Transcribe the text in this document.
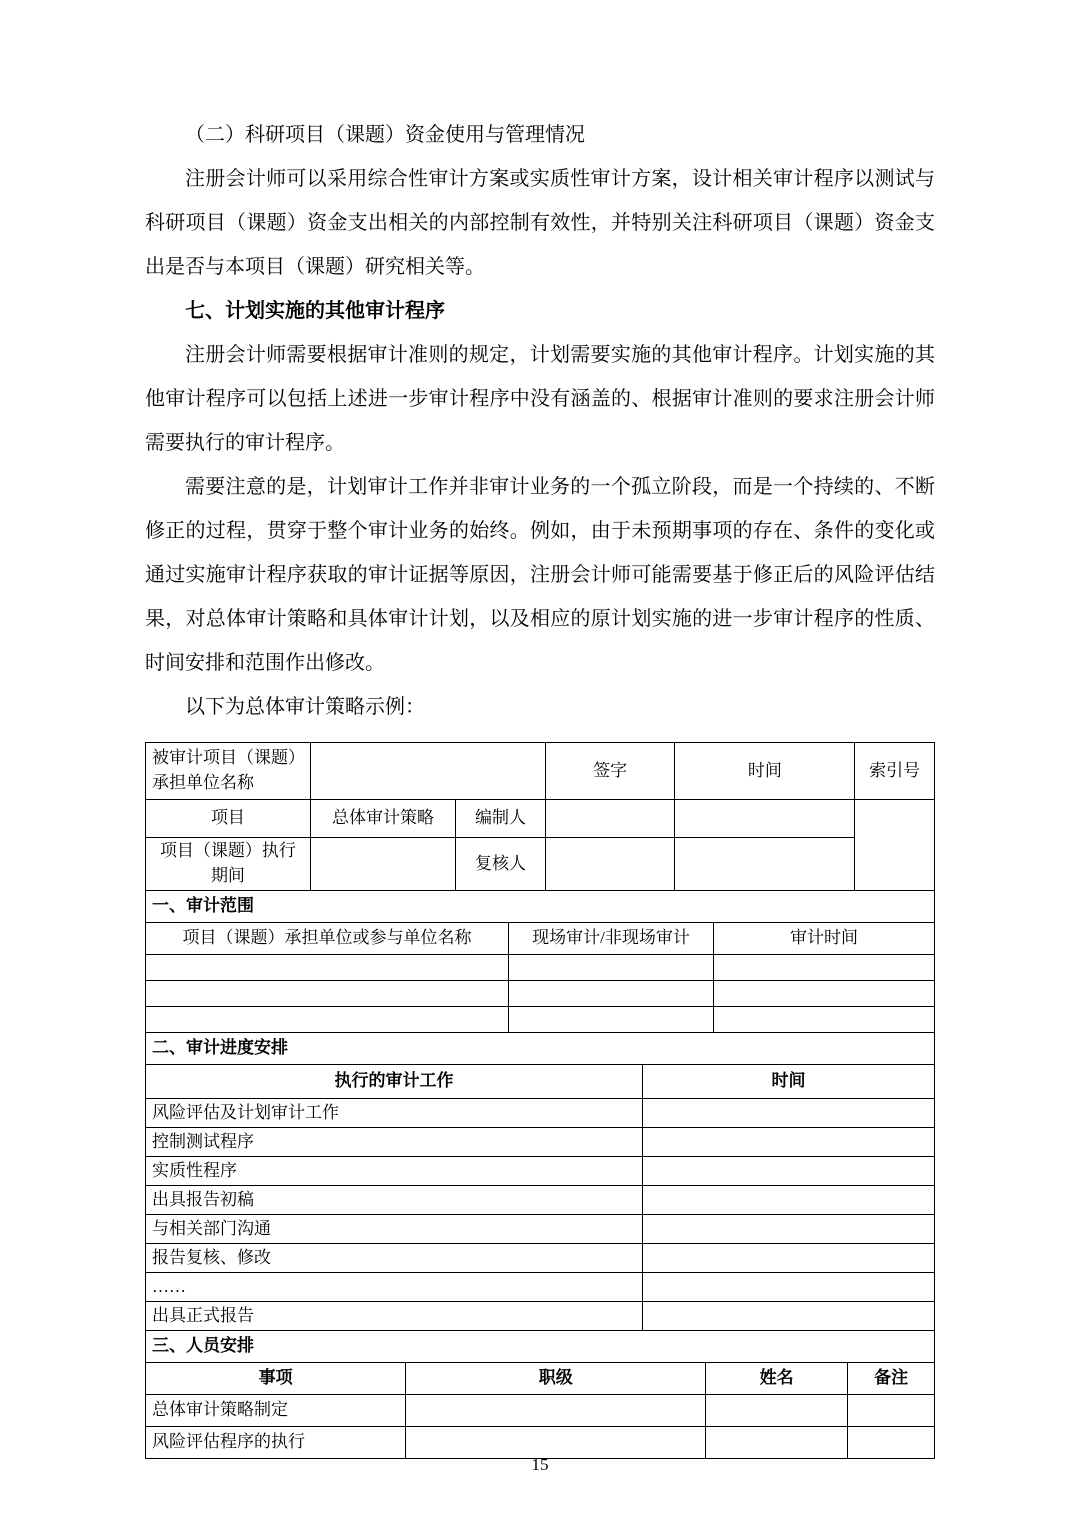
（二）科研项目（课题）资金使用与管理情况

注册会计师可以采用综合性审计方案或实质性审计方案，设计相关审计程序以测试与科研项目（课题）资金支出相关的内部控制有效性，并特别关注科研项目（课题）资金支出是否与本项目（课题）研究相关等。

七、计划实施的其他审计程序

注册会计师需要根据审计准则的规定，计划需要实施的其他审计程序。计划实施的其他审计程序可以包括上述进一步审计程序中没有涵盖的、根据审计准则的要求注册会计师需要执行的审计程序。

需要注意的是，计划审计工作并非审计业务的一个孤立阶段，而是一个持续的、不断修正的过程，贯穿于整个审计业务的始终。例如，由于未预期事项的存在、条件的变化或通过实施审计程序获取的审计证据等原因，注册会计师可能需要基于修正后的风险评估结果，对总体审计策略和具体审计计划，以及相应的原计划实施的进一步审计程序的性质、时间安排和范围作出修改。

以下为总体审计策略示例：

被审计项目（课题）承担单位名称			签字	时间	索引号
项目	总体审计策略	编制人			
项目（课题）执行期间		复核人			
一、审计范围		
项目（课题）承担单位或参与单位名称	现场审计/非现场审计	审计时间

二、审计进度安排	
执行的审计工作	时间
风险评估及计划审计工作	
控制测试程序	
实质性程序	
出具报告初稿	
与相关部门沟通	
报告复核、修改	
……	
出具正式报告	
三、人员安排			
事项	职级	姓名	备注
总体审计策略制定			
风险评估程序的执行			
15
